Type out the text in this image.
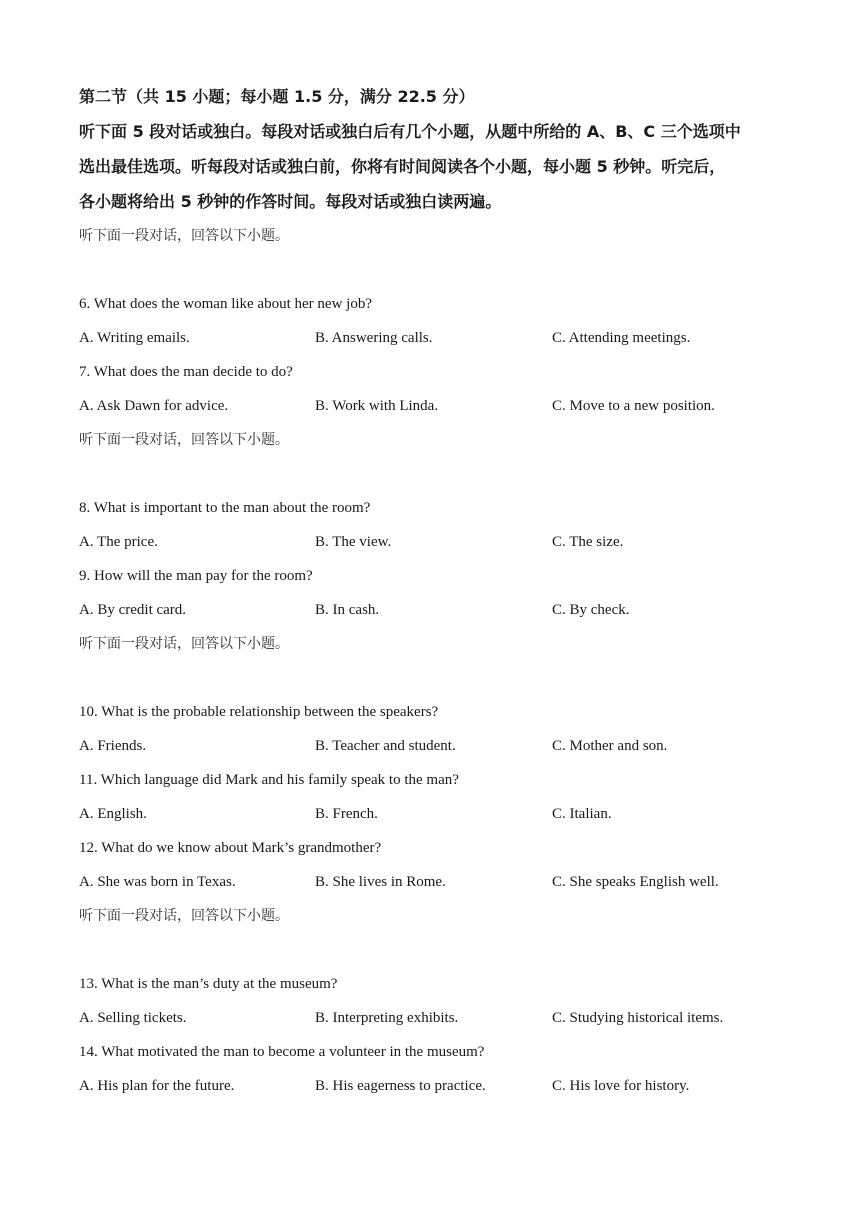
第二节（共 15 小题；每小题 1.5 分，满分 22.5 分）
听下面 5 段对话或独白。每段对话或独白后有几个小题，从题中所给的 A、B、C 三个选项中
选出最佳选项。听每段对话或独白前，你将有时间阅读各个小题，每小题 5 秒钟。听完后，
各小题将给出 5 秒钟的作答时间。每段对话或独白读两遍。
听下面一段对话，回答以下小题。
6. What does the woman like about her new job?
A. Writing emails.	B. Answering calls.	C. Attending meetings.
7. What does the man decide to do?
A. Ask Dawn for advice.	B. Work with Linda.	C. Move to a new position.
听下面一段对话，回答以下小题。
8. What is important to the man about the room?
A. The price.	B. The view.	C. The size.
9. How will the man pay for the room?
A. By credit card.	B. In cash.	C. By check.
听下面一段对话，回答以下小题。
10. What is the probable relationship between the speakers?
A. Friends.	B. Teacher and student.	C. Mother and son.
11. Which language did Mark and his family speak to the man?
A. English.	B. French.	C. Italian.
12. What do we know about Mark’s grandmother?
A. She was born in Texas.	B. She lives in Rome.	C. She speaks English well.
听下面一段对话，回答以下小题。
13. What is the man’s duty at the museum?
A. Selling tickets.	B. Interpreting exhibits.	C. Studying historical items.
14. What motivated the man to become a volunteer in the museum?
A. His plan for the future.	B. His eagerness to practice.	C. His love for history.
